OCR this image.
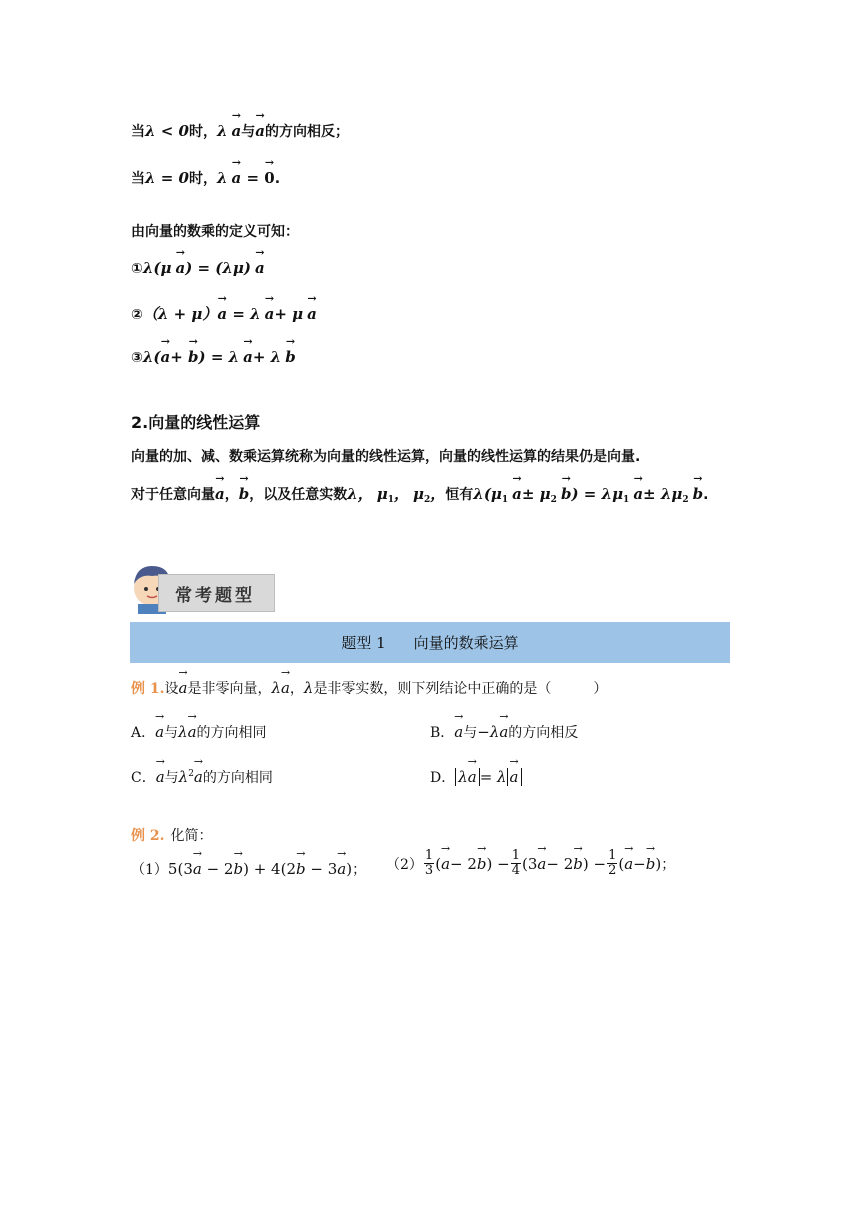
当 λ < 0 时， λ→ a 与
→ a 的方向相反；
当 λ = 0 时， λ→ a = → 0 .
由向量的数乘的定义可知：
① λ(μ→ a) = (λμ)→ a
② （λ + μ）→ a = λ→ a+ μ→ a
③ λ(→ a+ → b) = λ→ a+ λ→ b
2.向量的线性运算
向量的加、减、数乘运算统称为向量的线性运算，向量的线性运算的结果仍是向量.
对于任意向量
→ a ，
→ b ，以及任意实数 λ， $\mu_1$， $\mu_2$， 恒有 $\lambda(\mu_1\to a\pm \mu_2\to b) = \lambda\mu_1\to a\pm \lambda\mu_2\to b$ .
常考题型
题型 1 向量的数乘运算
例 1. 设
→ a 是非零向量， λ→ a ， λ 是非零实数，则下列结论中正确的是（　　　）
A．
→ a 与 λ→ a 的方向相同	B．
→ a 与 −λ→ a 的方向相反
C．
→ a 与 $\lambda^2\to a$ 的方向相同	D． λ→ a = λ→ a
例 2. 化简：
（1） 5(3→ a − 2→ b) + 4(2→ b − 3→ a) ； $(2) \frac{1}{3}$ (
→ a − 2
→ b ) − $\frac{1}{4} (3$
→ a − 2
→ b ) − $\frac{1}{2}$ (
→ a −
→ b ) ；
